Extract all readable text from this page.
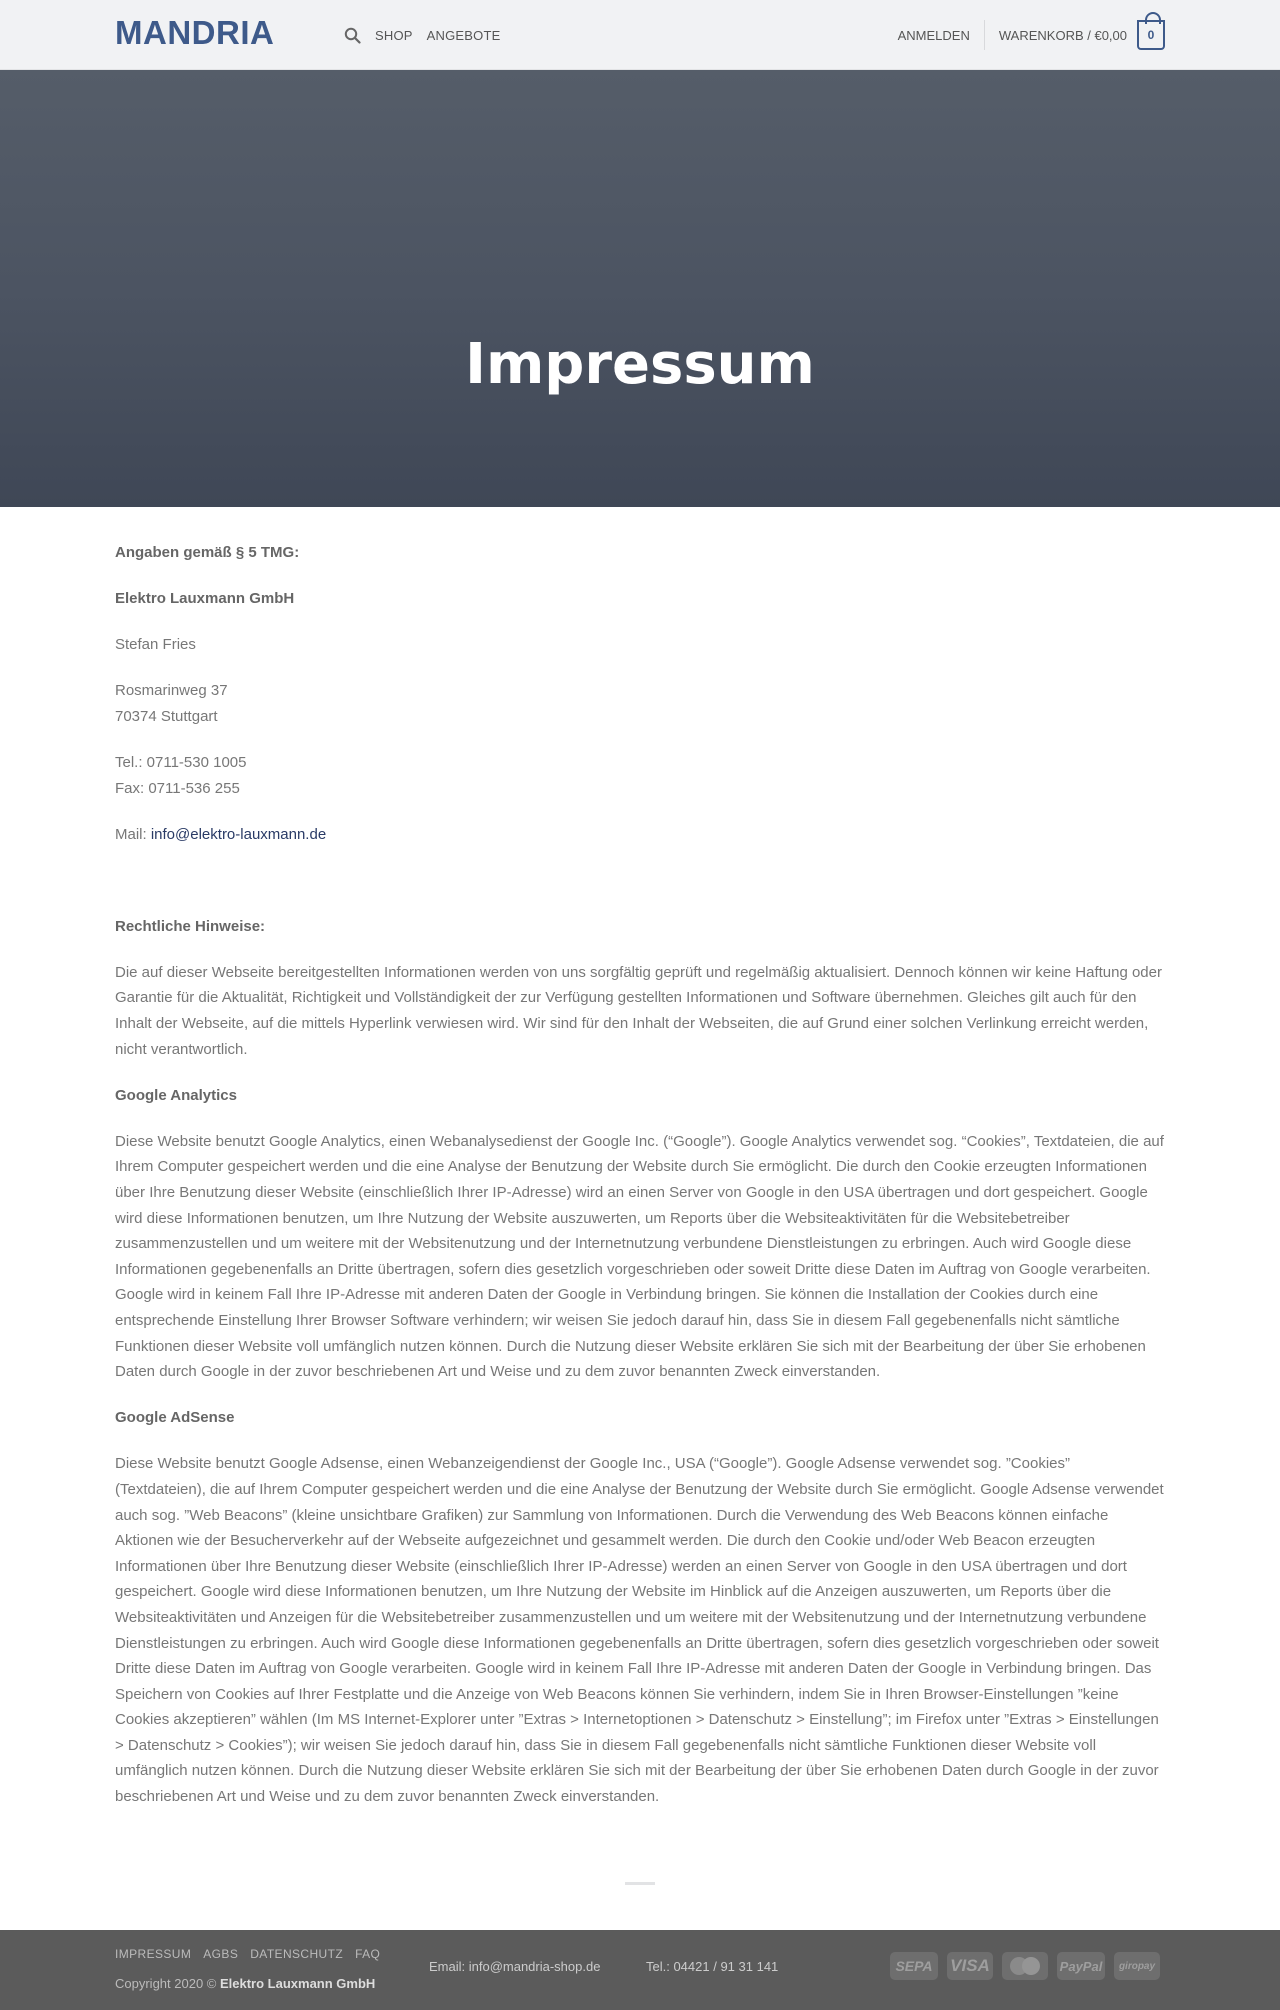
MANDRIA	SHOP ANGEBOTE	ANMELDEN	WARENKORB / €0,00	0
Impressum

Angaben gemäß § 5 TMG:

Elektro Lauxmann GmbH

Stefan Fries

Rosmarinweg 37
70374 Stuttgart

Tel.: 0711-530 1005
Fax: 0711-536 255

Mail: info@elektro-lauxmann.de

Rechtliche Hinweise:

Die auf dieser Webseite bereitgestellten Informationen werden von uns sorgfältig geprüft und regelmäßig aktualisiert. Dennoch können wir keine Haftung oder Garantie für die Aktualität, Richtigkeit und Vollständigkeit der zur Verfügung gestellten Informationen und Software übernehmen. Gleiches gilt auch für den Inhalt der Webseite, auf die mittels Hyperlink verwiesen wird. Wir sind für den Inhalt der Webseiten, die auf Grund einer solchen Verlinkung erreicht werden, nicht verantwortlich.

Google Analytics

Diese Website benutzt Google Analytics, einen Webanalysedienst der Google Inc. (“Google”). Google Analytics verwendet sog. “Cookies”, Textdateien, die auf Ihrem Computer gespeichert werden und die eine Analyse der Benutzung der Website durch Sie ermöglicht. Die durch den Cookie erzeugten Informationen über Ihre Benutzung dieser Website (einschließlich Ihrer IP-Adresse) wird an einen Server von Google in den USA übertragen und dort gespeichert. Google wird diese Informationen benutzen, um Ihre Nutzung der Website auszuwerten, um Reports über die Websiteaktivitäten für die Websitebetreiber zusammenzustellen und um weitere mit der Websitenutzung und der Internetnutzung verbundene Dienstleistungen zu erbringen. Auch wird Google diese Informationen gegebenenfalls an Dritte übertragen, sofern dies gesetzlich vorgeschrieben oder soweit Dritte diese Daten im Auftrag von Google verarbeiten. Google wird in keinem Fall Ihre IP-Adresse mit anderen Daten der Google in Verbindung bringen. Sie können die Installation der Cookies durch eine entsprechende Einstellung Ihrer Browser Software verhindern; wir weisen Sie jedoch darauf hin, dass Sie in diesem Fall gegebenenfalls nicht sämtliche Funktionen dieser Website voll umfänglich nutzen können. Durch die Nutzung dieser Website erklären Sie sich mit der Bearbeitung der über Sie erhobenen Daten durch Google in der zuvor beschriebenen Art und Weise und zu dem zuvor benannten Zweck einverstanden.

Google AdSense

Diese Website benutzt Google Adsense, einen Webanzeigendienst der Google Inc., USA (“Google”). Google Adsense verwendet sog. ”Cookies” (Textdateien), die auf Ihrem Computer gespeichert werden und die eine Analyse der Benutzung der Website durch Sie ermöglicht. Google Adsense verwendet auch sog. ”Web Beacons” (kleine unsichtbare Grafiken) zur Sammlung von Informationen. Durch die Verwendung des Web Beacons können einfache Aktionen wie der Besucherverkehr auf der Webseite aufgezeichnet und gesammelt werden. Die durch den Cookie und/oder Web Beacon erzeugten Informationen über Ihre Benutzung dieser Website (einschließlich Ihrer IP-Adresse) werden an einen Server von Google in den USA übertragen und dort gespeichert. Google wird diese Informationen benutzen, um Ihre Nutzung der Website im Hinblick auf die Anzeigen auszuwerten, um Reports über die Websiteaktivitäten und Anzeigen für die Websitebetreiber zusammenzustellen und um weitere mit der Websitenutzung und der Internetnutzung verbundene Dienstleistungen zu erbringen. Auch wird Google diese Informationen gegebenenfalls an Dritte übertragen, sofern dies gesetzlich vorgeschrieben oder soweit Dritte diese Daten im Auftrag von Google verarbeiten. Google wird in keinem Fall Ihre IP-Adresse mit anderen Daten der Google in Verbindung bringen. Das Speichern von Cookies auf Ihrer Festplatte und die Anzeige von Web Beacons können Sie verhindern, indem Sie in Ihren Browser-Einstellungen ”keine Cookies akzeptieren” wählen (Im MS Internet-Explorer unter ”Extras > Internetoptionen > Datenschutz > Einstellung”; im Firefox unter ”Extras > Einstellungen > Datenschutz > Cookies”); wir weisen Sie jedoch darauf hin, dass Sie in diesem Fall gegebenenfalls nicht sämtliche Funktionen dieser Website voll umfänglich nutzen können. Durch die Nutzung dieser Website erklären Sie sich mit der Bearbeitung der über Sie erhobenen Daten durch Google in der zuvor beschriebenen Art und Weise und zu dem zuvor benannten Zweck einverstanden.

IMPRESSUM AGBS DATENSCHUTZ FAQ
Copyright 2020 © Elektro Lauxmann GmbH
Email: info@mandria-shop.de	Tel.: 04421 / 91 31 141	SEPA	VISA	PayPal	giropay
